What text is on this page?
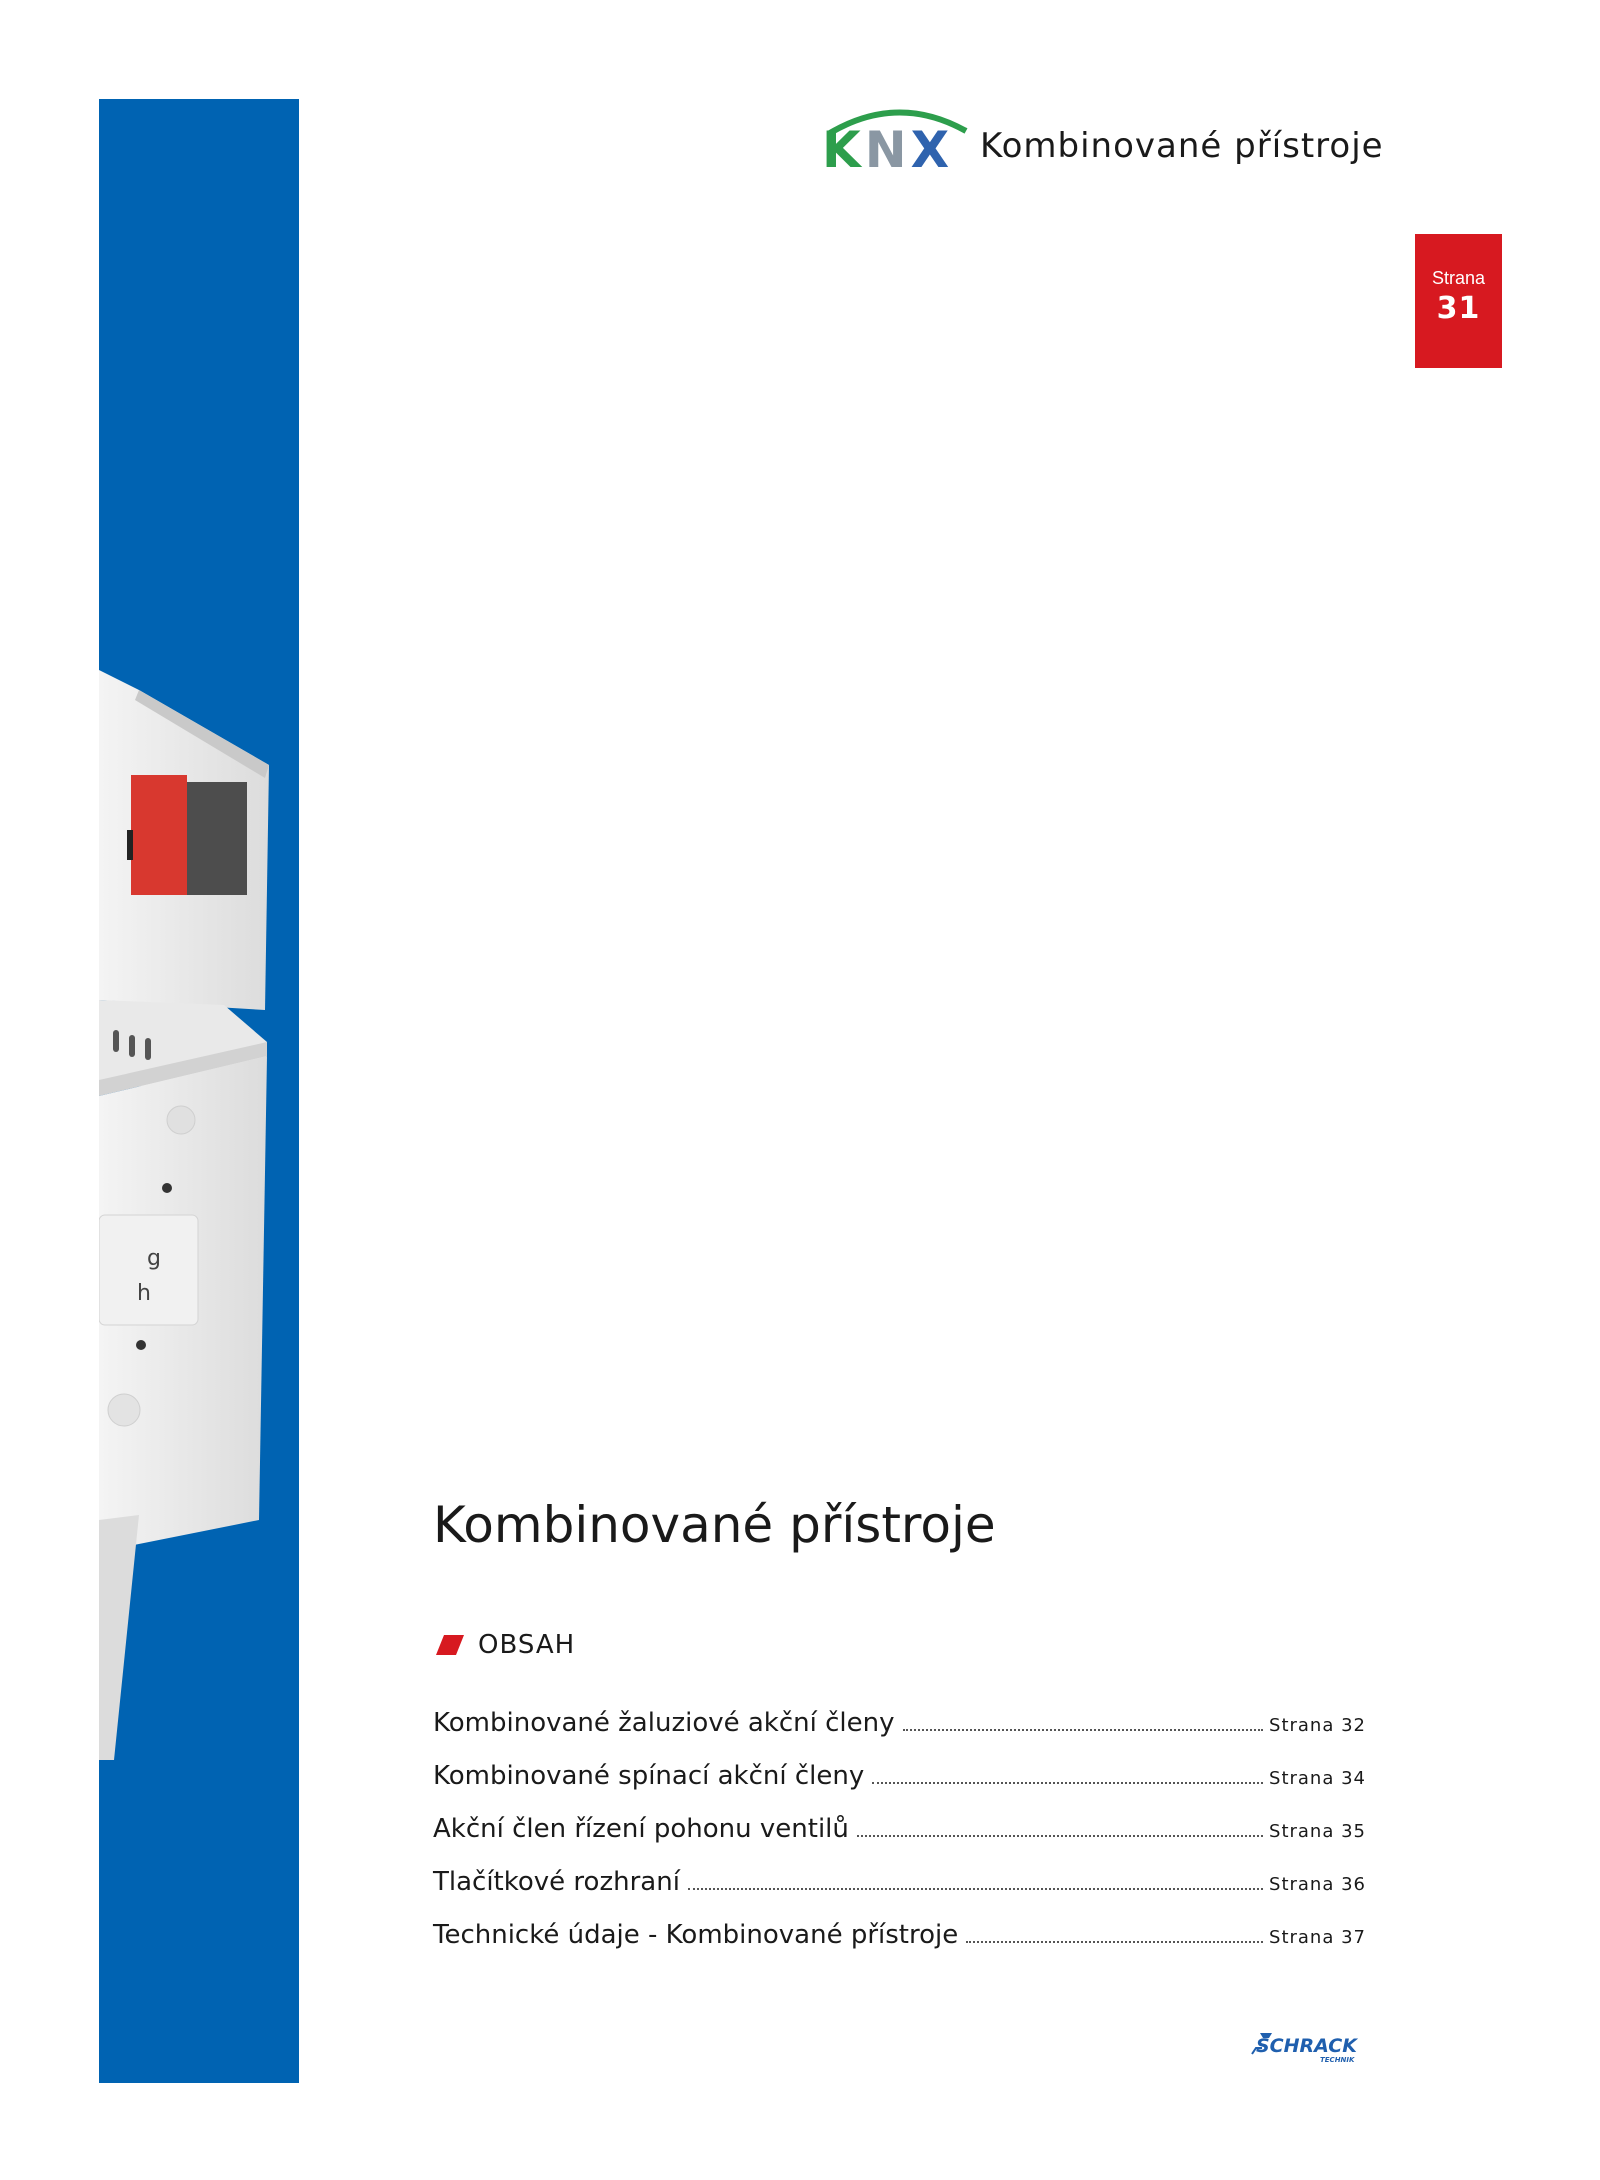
g
h
KNX Kombinované přístroje
Strana
31
Kombinované přístroje
OBSAH
Kombinované žaluziové akční členy	Strana 32
Kombinované spínací akční členy	Strana 34
Akční člen řízení pohonu ventilů	Strana 35
Tlačítkové rozhraní	Strana 36
Technické údaje - Kombinované přístroje	Strana 37
SCHRACK
TECHNIK
